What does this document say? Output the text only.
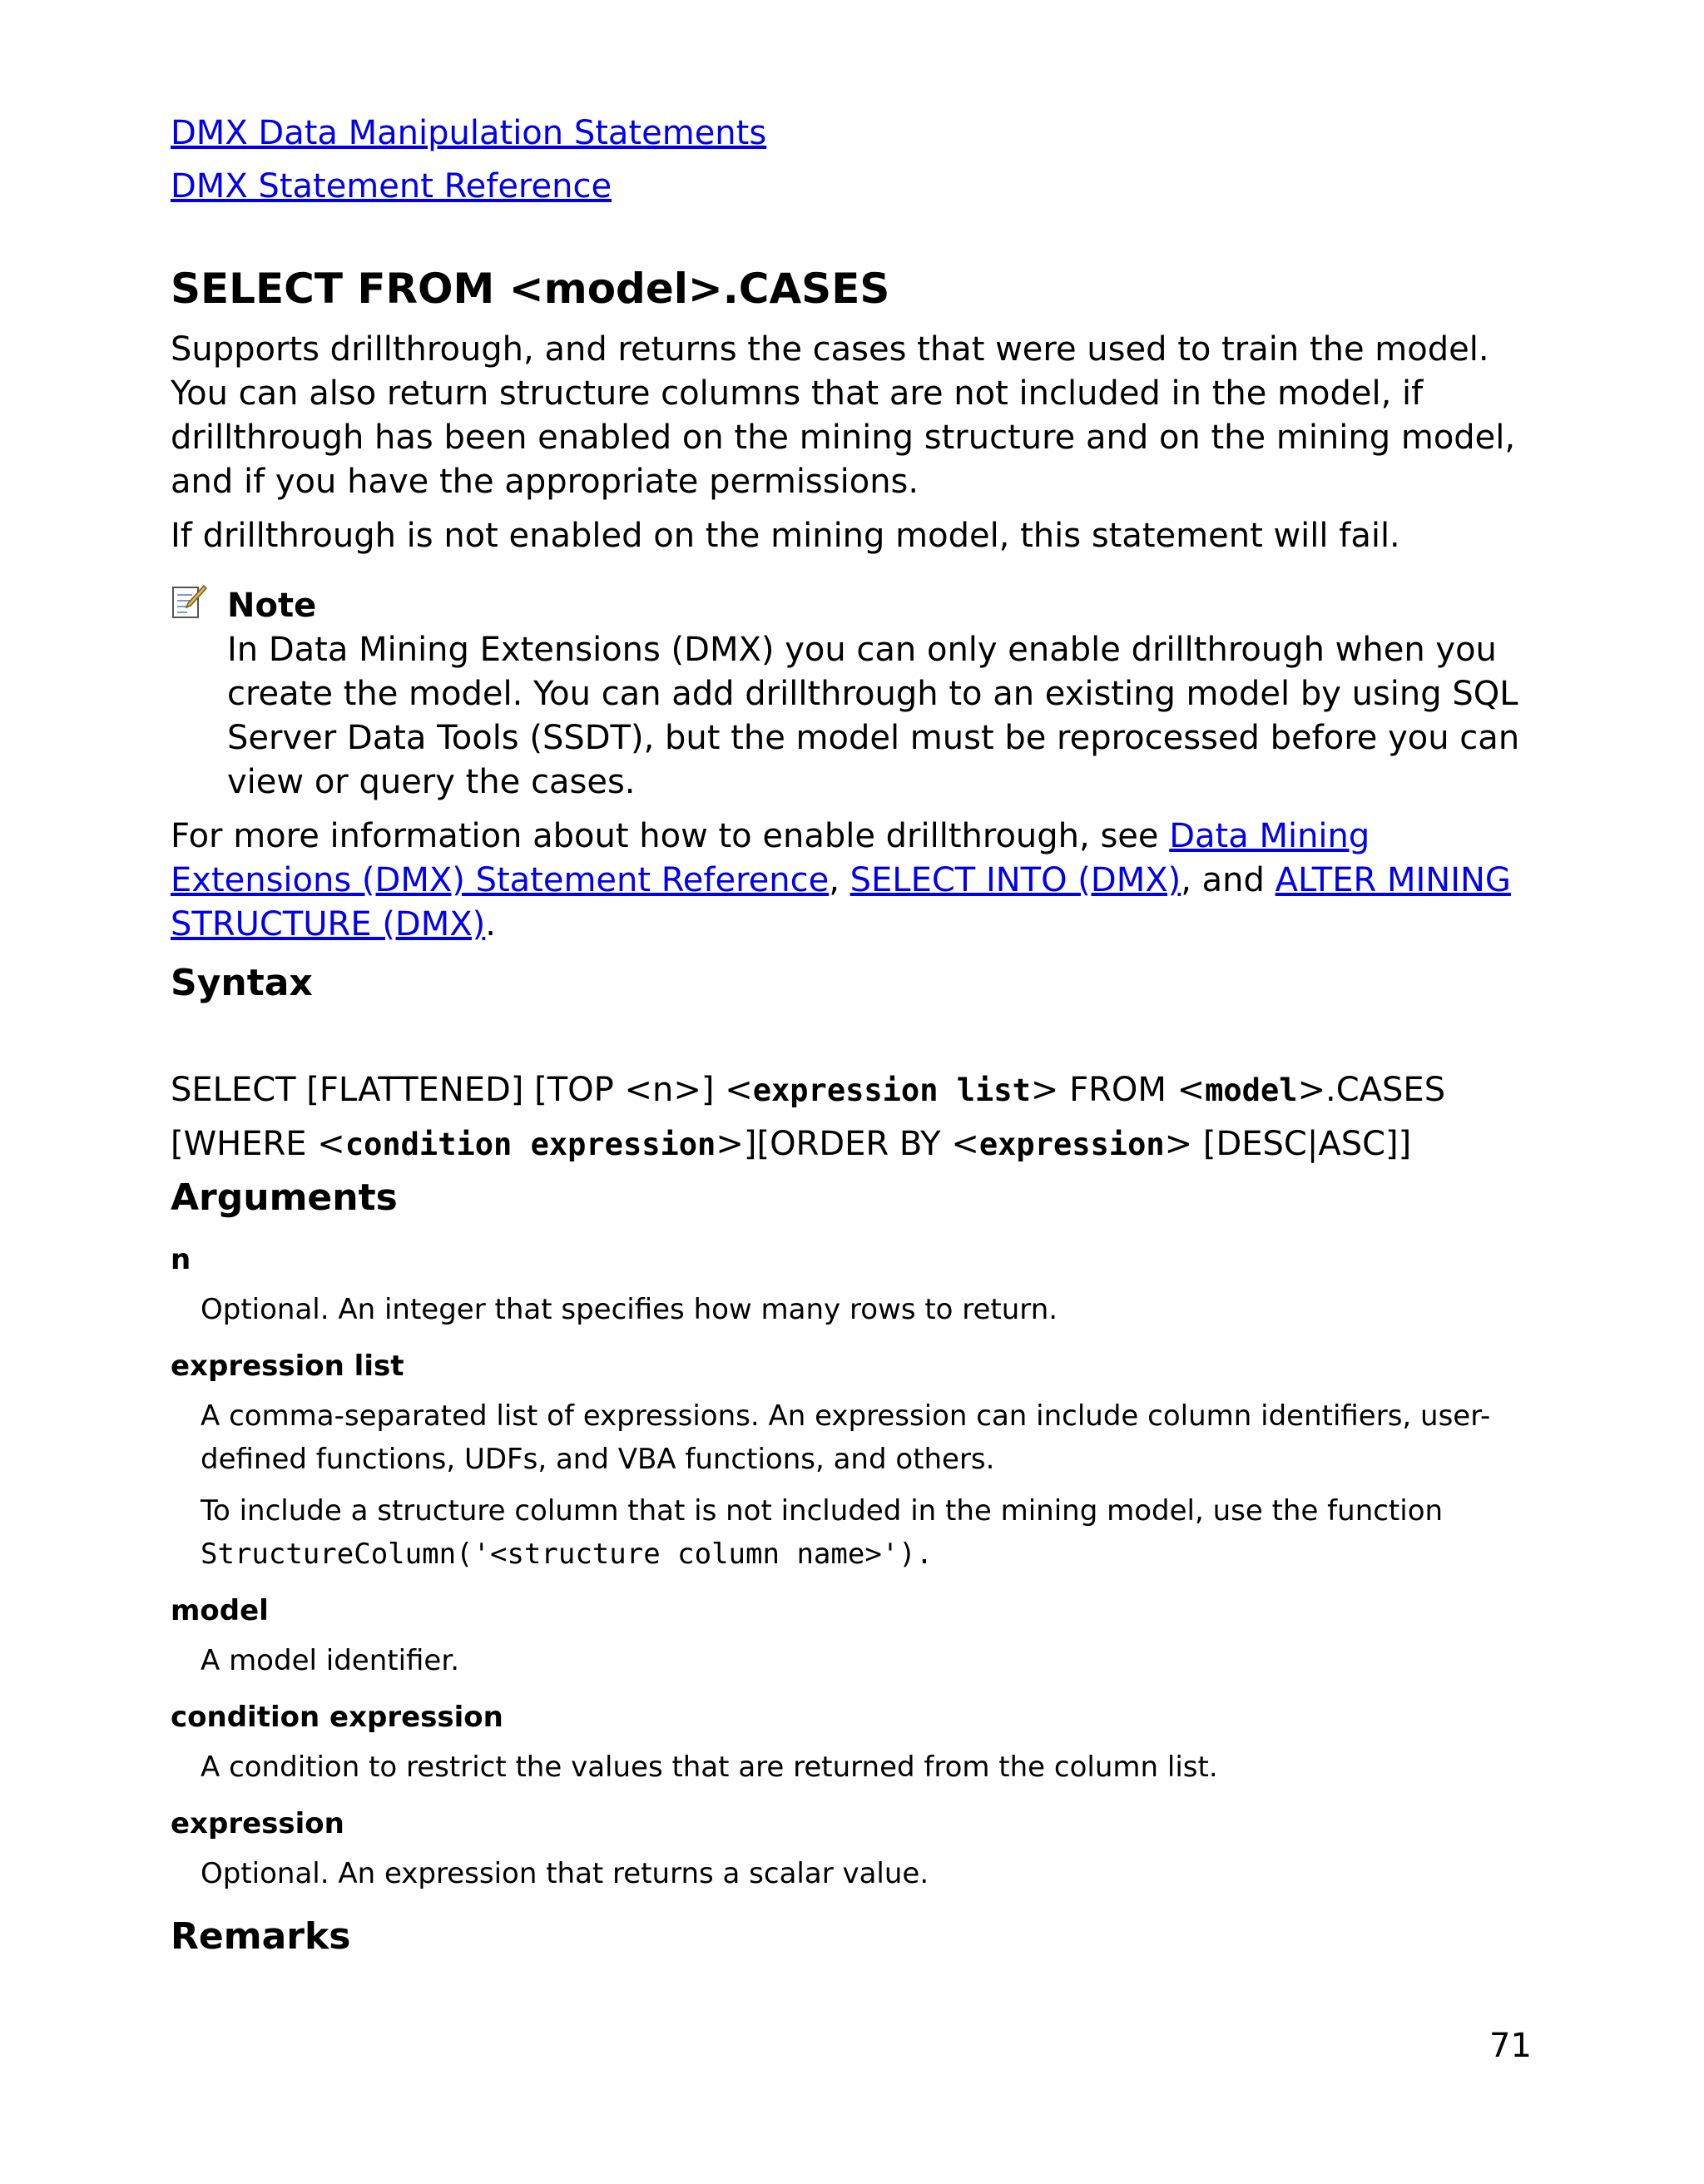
DMX Data Manipulation Statements
DMX Statement Reference
SELECT FROM <model>.CASES

Supports drillthrough, and returns the cases that were used to train the model. You can also return structure columns that are not included in the model, if drillthrough has been enabled on the mining structure and on the mining model, and if you have the appropriate permissions.

If drillthrough is not enabled on the mining model, this statement will fail.

Note
In Data Mining Extensions (DMX) you can only enable drillthrough when you create the model. You can add drillthrough to an existing model by using SQL Server Data Tools (SSDT), but the model must be reprocessed before you can view or query the cases.

For more information about how to enable drillthrough, see Data Mining Extensions (DMX) Statement Reference, SELECT INTO (DMX), and ALTER MINING STRUCTURE (DMX).

Syntax
SELECT [FLATTENED] [TOP <n>] <expression list> FROM <model>.CASES
[WHERE <condition expression>][ORDER BY <expression> [DESC|ASC]]
Arguments
n
Optional. An integer that specifies how many rows to return.
expression list
A comma-separated list of expressions. An expression can include column identifiers, user-defined functions, UDFs, and VBA functions, and others.
To include a structure column that is not included in the mining model, use the function
StructureColumn('<structure column name>').
model
A model identifier.
condition expression
A condition to restrict the values that are returned from the column list.
expression
Optional. An expression that returns a scalar value.
Remarks
71
